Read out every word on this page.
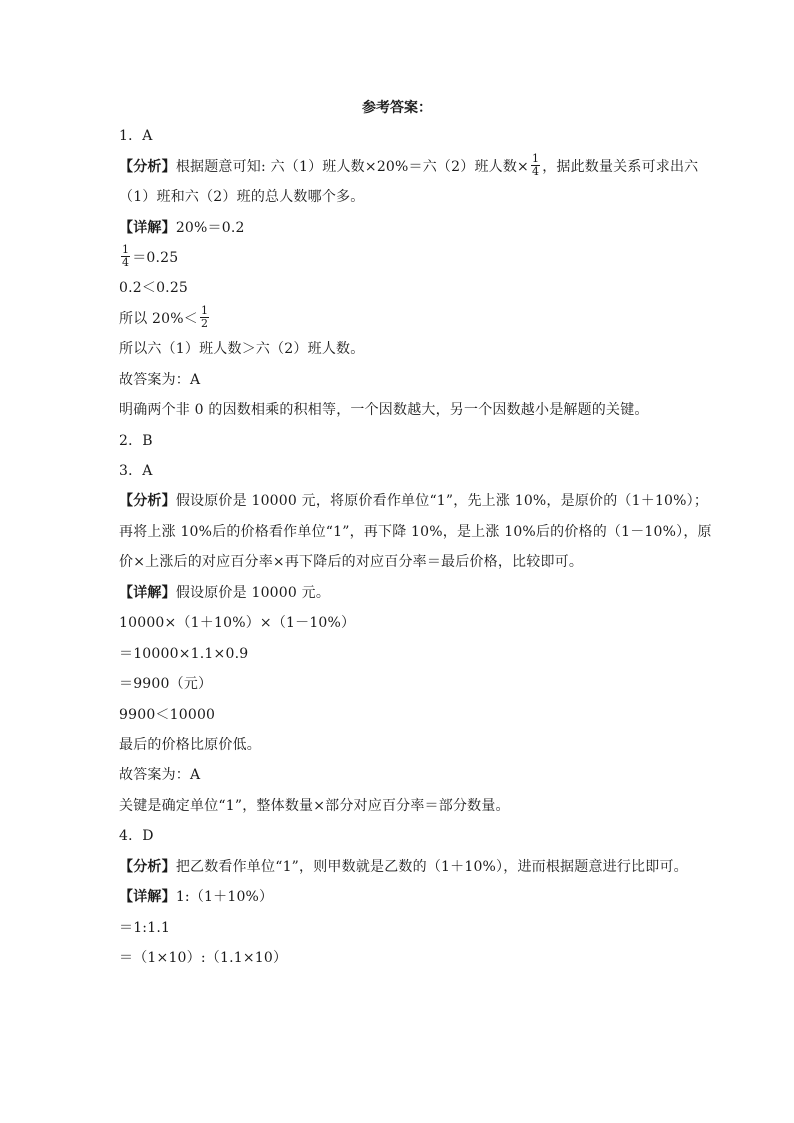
参考答案：
1．A
【分析】 根据题意可知: 六（1）班人数×20%＝六（2）班人数× $\frac{1}{4}$ ，据此数量关系可求出六
（1）班和六（2）班的总人数哪个多。
【详解】 20%＝0.2
$\frac{1}{4} =0.25$
0.2＜0.25
所以 $20\%< \frac{1}{2}$
所以六（1）班人数＞六（2）班人数。
故答案为：A
明确两个非 0 的因数相乘的积相等，一个因数越大，另一个因数越小是解题的关键。
2．B
3．A
【分析】 假设原价是 10000 元，将原价看作单位“1”，先上涨 10%，是原价的（1＋10%）；
再将上涨 10%后的价格看作单位“1”，再下降 10%，是上涨 10%后的价格的（1－10%），原
价×上涨后的对应百分率×再下降后的对应百分率＝最后价格，比较即可。
【详解】 假设原价是 10000 元。
10000×（1＋10%）×（1－10%）
＝10000×1.1×0.9
＝9900（元）
9900＜10000
最后的价格比原价低。
故答案为：A
关键是确定单位“1”，整体数量×部分对应百分率＝部分数量。
4．D
【分析】 把乙数看作单位“1”，则甲数就是乙数的（1＋10%），进而根据题意进行比即可。
【详解】 1:（1＋10%）
＝1:1.1
＝（1×10）:（1.1×10）
